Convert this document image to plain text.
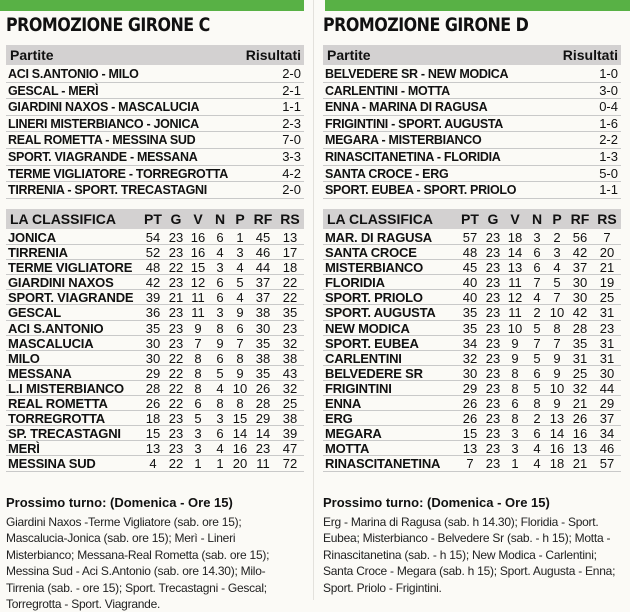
PROMOZIONE GIRONE C
Partite	Risultati
ACI S.ANTONIO - MILO	2-0
GESCAL - MERÌ	2-1
GIARDINI NAXOS - MASCALUCIA	1-1
LINERI MISTERBIANCO - JONICA	2-3
REAL ROMETTA - MESSINA SUD	7-0
SPORT. VIAGRANDE - MESSANA	3-3
TERME VIGLIATORE - TORREGROTTA	4-2
TIRRENIA - SPORT. TRECASTAGNI	2-0
LA CLASSIFICA PT G V N P RF RS
JONICA	54 23 16 6 1 45 13
TIRRENIA	52 23 16 4 3 46 17
TERME VIGLIATORE 48 22 15 3 4 44 18
GIARDINI NAXOS 42 23 12 6 5 37 22
SPORT. VIAGRANDE 39 21 11 6 4 37 22
GESCAL	36 23 11 3 9 38 35
ACI S.ANTONIO	35 23 9	8 6 30 23
MASCALUCIA	30 23 7	9 7 35 32
MILO	30 22 8	6 8 38 38
MESSANA	29 22 8	5 9 35 43
L.I MISTERBIANCO 28 22 8	4 10 26 32
REAL ROMETTA	26 22 6	8 8 28 25
TORREGROTTA	18 23 5	3 15 29 38
SP. TRECASTAGNI 15 23 3	6 14 14 39
MERÌ	13 23 3	4 16 23 47
MESSINA SUD	4 22 1	1 20 11	72
Prossimo turno: (Domenica - Ore 15)

Giardini Naxos -Terme Vigliatore (sab. ore 15); Mascalucia-Jonica (sab. ore 15); Merì - Lineri Misterbianco; Messana-Real Rometta (sab. ore 15); Messina Sud - Aci S.Antonio (sab. ore 14.30); Milo-Tirrenia (sab. - ore 15); Sport. Trecastagni - Gescal; Torregrotta - Sport. Viagrande.

PROMOZIONE GIRONE D
Partite	Risultati
BELVEDERE SR - NEW MODICA	1-0
CARLENTINI - MOTTA	3-0
ENNA - MARINA DI RAGUSA	0-4
FRIGINTINI - SPORT. AUGUSTA	1-6
MEGARA - MISTERBIANCO	2-2
RINASCITANETINA - FLORIDIA	1-3
SANTA CROCE - ERG	5-0
SPORT. EUBEA - SPORT. PRIOLO	1-1
LA CLASSIFICA PT G V N P RF RS
MAR. DI RAGUSA 57 23 18 3 2 56	7
SANTA CROCE	48 23 14 6 3 42 20
MISTERBIANCO	45 23 13 6 4 37 21
FLORIDIA	40 23 11 7 5 30 19
SPORT. PRIOLO	40 23 12 4 7 30 25
SPORT. AUGUSTA 35 23 11 2 10 42 31
NEW MODICA	35 23 10 5 8 28 23
SPORT. EUBEA	34 23 9	7 7 35 31
CARLENTINI	32 23 9	5 9 31 31
BELVEDERE SR	30 23 8	6 9 25 30
FRIGINTINI	29 23 8	5 10 32 44
ENNA	26 23 6	8 9 21 29
ERG	26 23 8	2 13 26 37
MEGARA	15 23 3	6 14 16 34
MOTTA	13 23 3	4 16 13 46
RINASCITANETINA	7 23 1	4 18 21 57
Prossimo turno: (Domenica - Ore 15)

Erg - Marina di Ragusa (sab. h 14.30); Floridia - Sport. Eubea; Misterbianco - Belvedere Sr (sab. - h 15); Motta - Rinascitanetina (sab. - h 15); New Modica - Carlentini; Santa Croce - Megara (sab. h 15); Sport. Augusta - Enna; Sport. Priolo - Frigintini.
